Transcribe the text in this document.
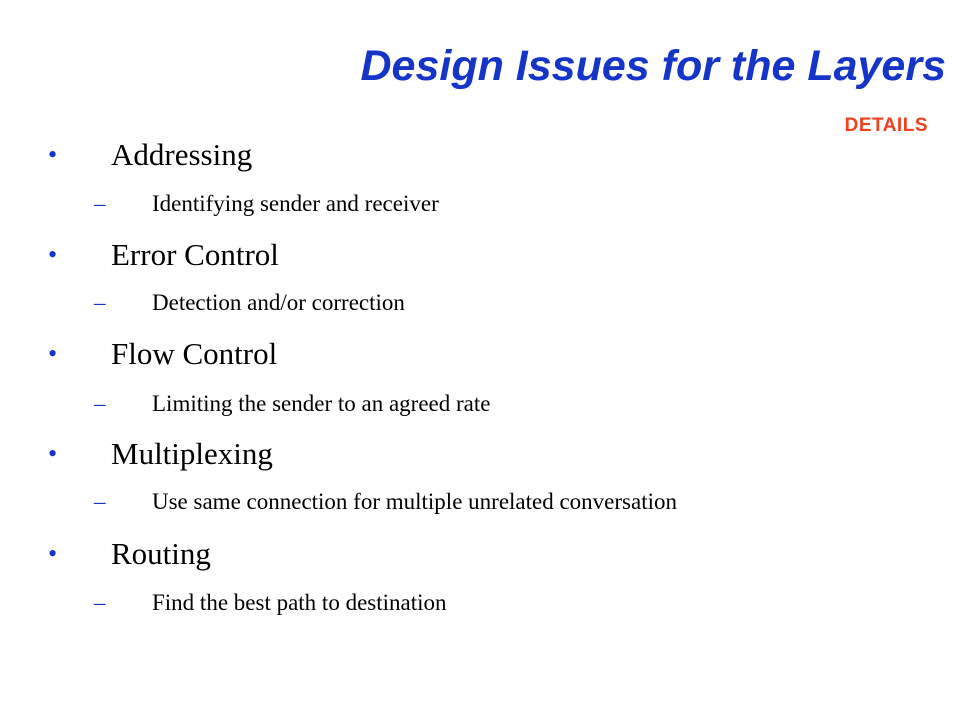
Design Issues for the Layers
DETAILS
• Addressing
– Identifying sender and receiver
• Error Control
– Detection and/or correction
• Flow Control
– Limiting the sender to an agreed rate
• Multiplexing
– Use same connection for multiple unrelated conversation
• Routing
– Find the best path to destination
